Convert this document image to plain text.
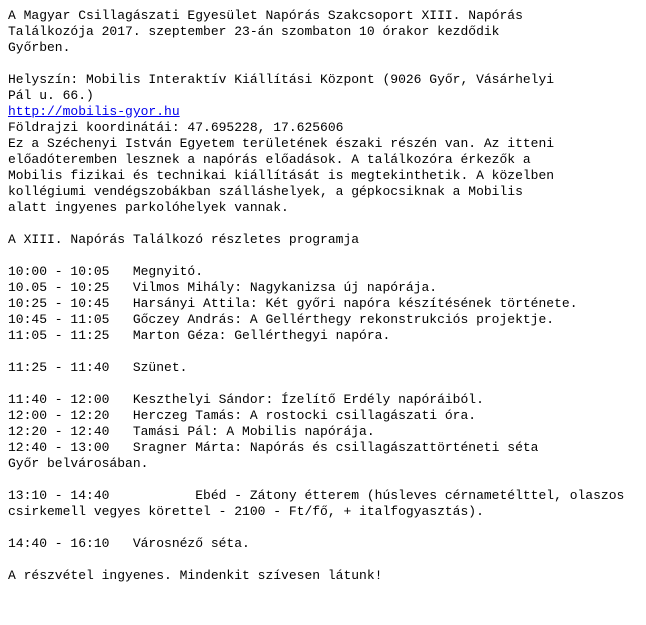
A Magyar Csillagászati Egyesület Napórás Szakcsoport XIII. Napórás
Találkozója 2017. szeptember 23-án szombaton 10 órakor kezdődik
Győrben.
Helyszín: Mobilis Interaktív Kiállítási Központ (9026 Győr, Vásárhelyi
Pál u. 66.)
http://mobilis-gyor.hu
Földrajzi koordinátái: 47.695228, 17.625606
Ez a Széchenyi István Egyetem területének északi részén van. Az itteni
előadóteremben lesznek a napórás előadások. A találkozóra érkezők a
Mobilis fizikai és technikai kiállítását is megtekinthetik. A közelben
kollégiumi vendégszobákban szálláshelyek, a gépkocsiknak a Mobilis
alatt ingyenes parkolóhelyek vannak.
A XIII. Napórás Találkozó részletes programja
10:00 - 10:05   Megnyitó.
10.05 - 10:25   Vilmos Mihály: Nagykanizsa új napórája.
10:25 - 10:45   Harsányi Attila: Két győri napóra készítésének története.
10:45 - 11:05   Gőczey András: A Gellérthegy rekonstrukciós projektje.
11:05 - 11:25   Marton Géza: Gellérthegyi napóra.
11:25 - 11:40   Szünet.
11:40 - 12:00   Keszthelyi Sándor: Ízelítő Erdély napóráiból.
12:00 - 12:20   Herczeg Tamás: A rostocki csillagászati óra.
12:20 - 12:40   Tamási Pál: A Mobilis napórája.
12:40 - 13:00   Sragner Márta: Napórás és csillagászattörténeti séta
Győr belvárosában.
13:10 - 14:40           Ebéd - Zátony étterem (húsleves cérnametélttel, olaszos
csirkemell vegyes körettel - 2100 - Ft/fő, + italfogyasztás).
14:40 - 16:10   Városnéző séta.
A részvétel ingyenes. Mindenkit szívesen látunk!
